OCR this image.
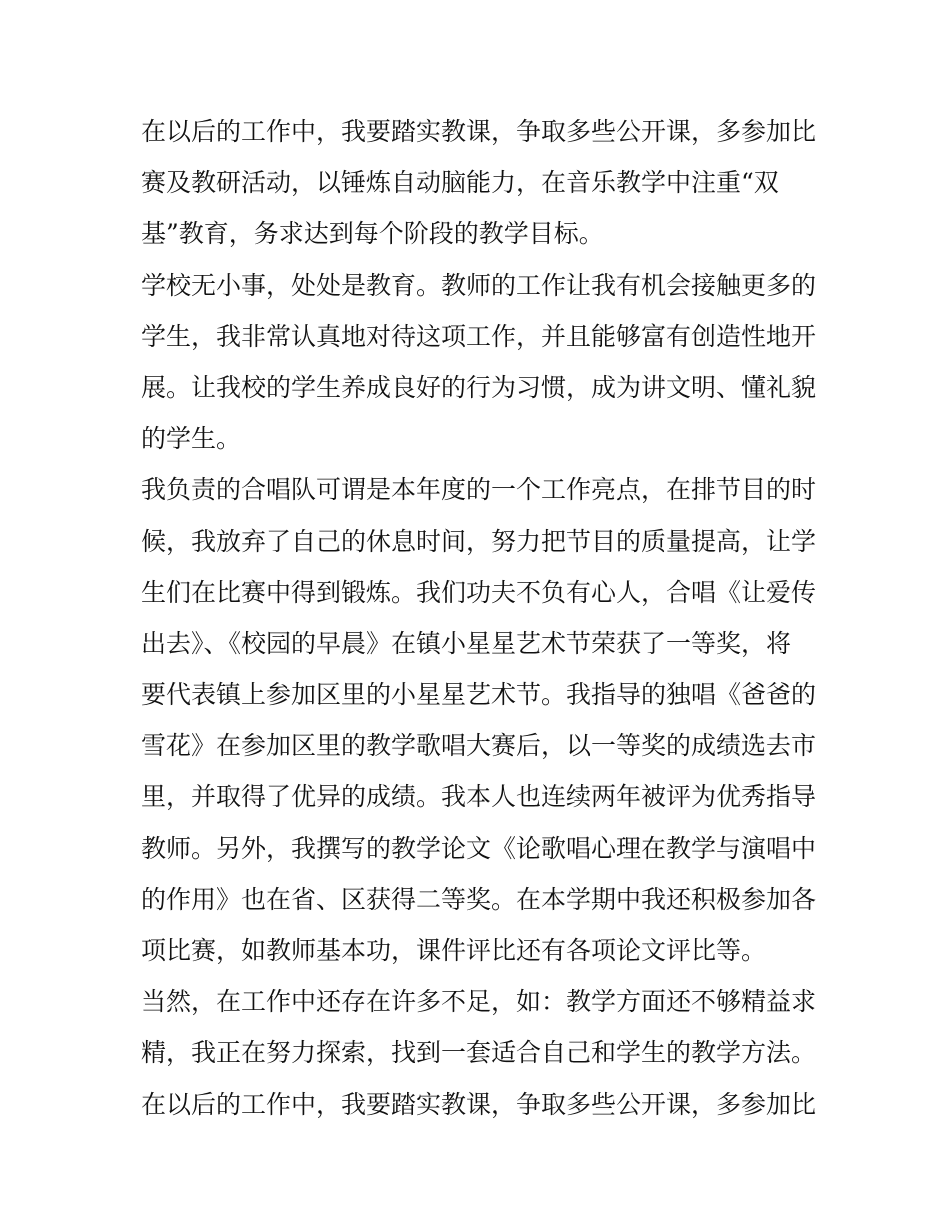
在以后的工作中，我要踏实教课，争取多些公开课，多参加比
赛及教研活动，以锤炼自动脑能力，在音乐教学中注重“双
基”教育，务求达到每个阶段的教学目标。
学校无小事，处处是教育。教师的工作让我有机会接触更多的
学生，我非常认真地对待这项工作，并且能够富有创造性地开
展。让我校的学生养成良好的行为习惯，成为讲文明、懂礼貌
的学生。
我负责的合唱队可谓是本年度的一个工作亮点，在排节目的时
候，我放弃了自己的休息时间，努力把节目的质量提高，让学
生们在比赛中得到锻炼。我们功夫不负有心人，合唱《让爱传
出去》、《校园的早晨》在镇小星星艺术节荣获了一等奖，将
要代表镇上参加区里的小星星艺术节。我指导的独唱《爸爸的
雪花》在参加区里的教学歌唱大赛后，以一等奖的成绩选去市
里，并取得了优异的成绩。我本人也连续两年被评为优秀指导
教师。另外，我撰写的教学论文《论歌唱心理在教学与演唱中
的作用》也在省、区获得二等奖。在本学期中我还积极参加各
项比赛，如教师基本功，课件评比还有各项论文评比等。
当然，在工作中还存在许多不足，如：教学方面还不够精益求
精，我正在努力探索，找到一套适合自己和学生的教学方法。
在以后的工作中，我要踏实教课，争取多些公开课，多参加比
